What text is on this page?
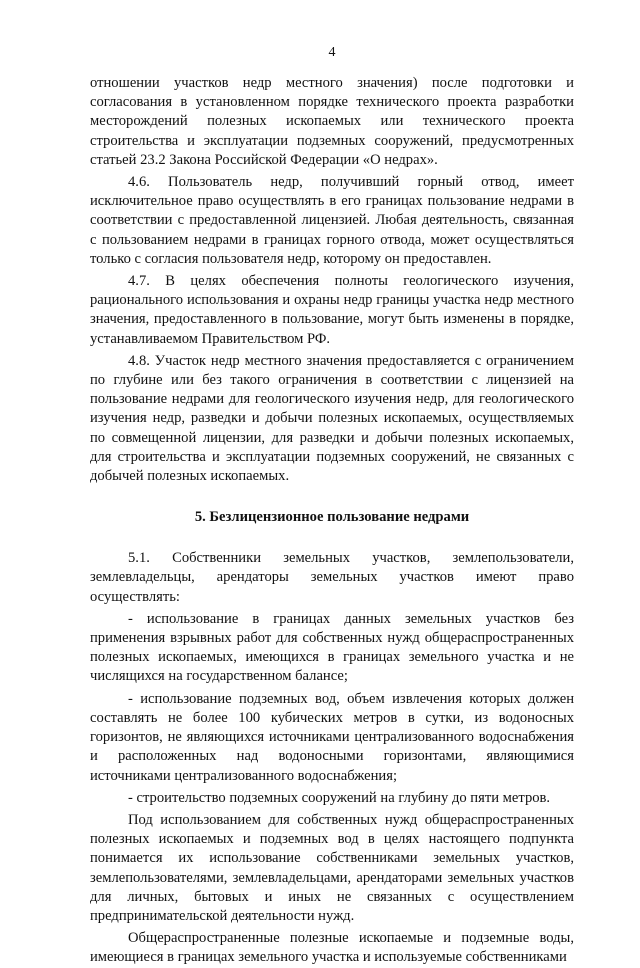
4

отношении участков недр местного значения) после подготовки и согласования в установленном порядке технического проекта разработки месторождений полезных ископаемых или технического проекта строительства и эксплуатации подземных сооружений, предусмотренных статьей 23.2 Закона Российской Федерации «О недрах».

4.6. Пользователь недр, получивший горный отвод, имеет исключительное право осуществлять в его границах пользование недрами в соответствии с предоставленной лицензией. Любая деятельность, связанная с пользованием недрами в границах горного отвода, может осуществляться только с согласия пользователя недр, которому он предоставлен.

4.7. В целях обеспечения полноты геологического изучения, рационального использования и охраны недр границы участка недр местного значения, предоставленного в пользование, могут быть изменены в порядке, устанавливаемом Правительством РФ.

4.8. Участок недр местного значения предоставляется с ограничением по глубине или без такого ограничения в соответствии с лицензией на пользование недрами для геологического изучения недр, для геологического изучения недр, разведки и добычи полезных ископаемых, осуществляемых по совмещенной лицензии, для разведки и добычи полезных ископаемых, для строительства и эксплуатации подземных сооружений, не связанных с добычей полезных ископаемых.

5. Безлицензионное пользование недрами

5.1. Собственники земельных участков, землепользователи, землевладельцы, арендаторы земельных участков имеют право осуществлять:

- использование в границах данных земельных участков без применения взрывных работ для собственных нужд общераспространенных полезных ископаемых, имеющихся в границах земельного участка и не числящихся на государственном балансе;

- использование подземных вод, объем извлечения которых должен составлять не более 100 кубических метров в сутки, из водоносных горизонтов, не являющихся источниками централизованного водоснабжения и расположенных над водоносными горизонтами, являющимися источниками централизованного водоснабжения;

- строительство подземных сооружений на глубину до пяти метров.

Под использованием для собственных нужд общераспространенных полезных ископаемых и подземных вод в целях настоящего подпункта понимается их использование собственниками земельных участков, землепользователями, землевладельцами, арендаторами земельных участков для личных, бытовых и иных не связанных с осуществлением предпринимательской деятельности нужд.

Общераспространенные полезные ископаемые и подземные воды, имеющиеся в границах земельного участка и используемые собственниками
